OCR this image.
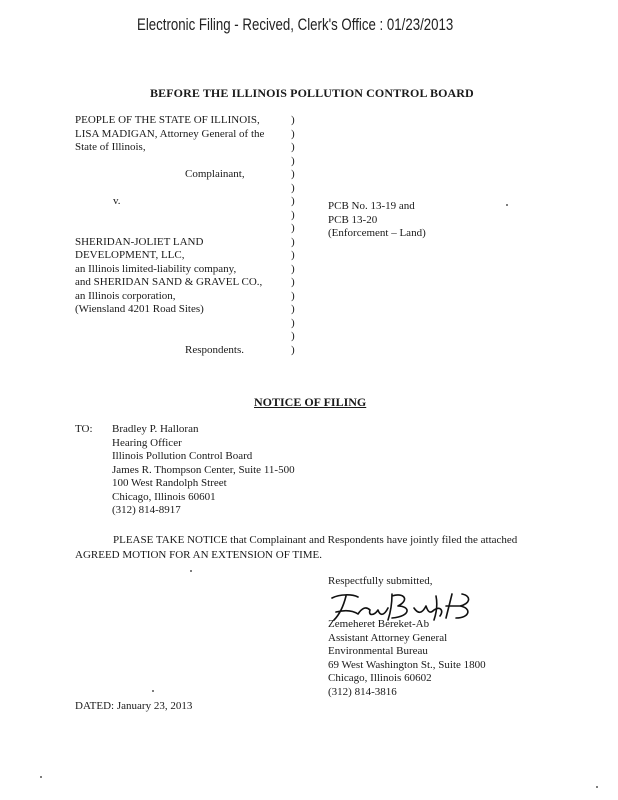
Electronic Filing - Recived, Clerk's Office : 01/23/2013
BEFORE THE ILLINOIS POLLUTION CONTROL BOARD
PEOPLE OF THE STATE OF ILLINOIS,
LISA MADIGAN, Attorney General of the
State of Illinois,
Complainant,
v.
SHERIDAN-JOLIET LAND
DEVELOPMENT, LLC,
an Illinois limited-liability company,
and SHERIDAN SAND & GRAVEL CO.,
an Illinois corporation,
(Wiensland 4201 Road Sites)
Respondents.
)
)
)
)
)
)
)
)
)
)
)
)
)
)
)
)
)
)
PCB No. 13-19 and
PCB 13-20
(Enforcement – Land)
NOTICE OF FILING
TO: Bradley P. Halloran
Hearing Officer
Illinois Pollution Control Board
James R. Thompson Center, Suite 11-500
100 West Randolph Street
Chicago, Illinois 60601
(312) 814-8917
PLEASE TAKE NOTICE that Complainant and Respondents have jointly filed the attached AGREED MOTION FOR AN EXTENSION OF TIME.
Respectfully submitted,
Zemeheret Bereket-Ab
Assistant Attorney General
Environmental Bureau
69 West Washington St., Suite 1800
Chicago, Illinois 60602
(312) 814-3816
DATED: January 23, 2013
